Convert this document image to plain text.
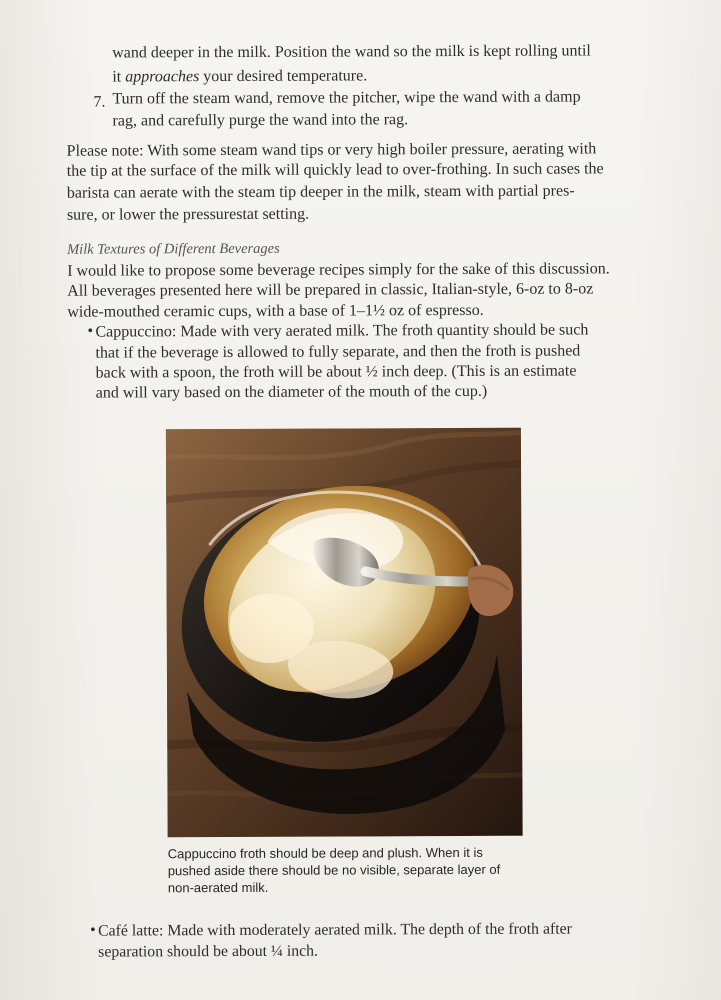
wand deeper in the milk. Position the wand so the milk is kept rolling until
it approaches your desired temperature.
7. Turn off the steam wand, remove the pitcher, wipe the wand with a damp
rag, and carefully purge the wand into the rag.
Please note: With some steam wand tips or very high boiler pressure, aerating with
the tip at the surface of the milk will quickly lead to over-frothing. In such cases the
barista can aerate with the steam tip deeper in the milk, steam with partial pres-
sure, or lower the pressurestat setting.
Milk Textures of Different Beverages
I would like to propose some beverage recipes simply for the sake of this discussion.
All beverages presented here will be prepared in classic, Italian-style, 6-oz to 8-oz
wide-mouthed ceramic cups, with a base of 1–1½ oz of espresso.
• Cappuccino: Made with very aerated milk. The froth quantity should be such
that if the beverage is allowed to fully separate, and then the froth is pushed
back with a spoon, the froth will be about ½ inch deep. (This is an estimate
and will vary based on the diameter of the mouth of the cup.)
Cappuccino froth should be deep and plush. When it is
pushed aside there should be no visible, separate layer of
non-aerated milk.
• Café latte: Made with moderately aerated milk. The depth of the froth after
separation should be about ¼ inch.
